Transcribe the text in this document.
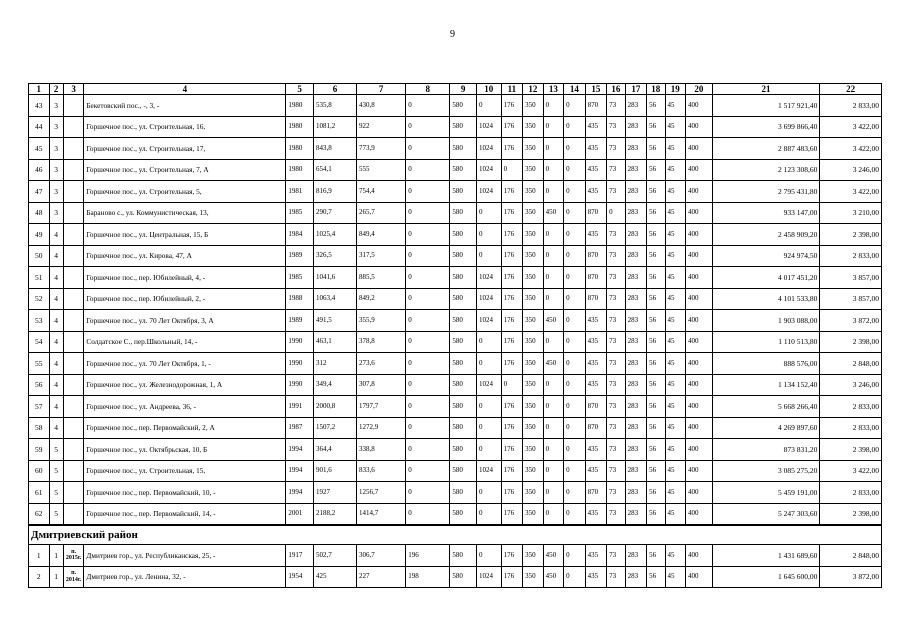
9
1	2	3	4	5	6	7	8	9	10	11	12	13	14	15	16	17	18	19	20	21	22
43	3		Бекетовский пос., -, 3, -	1980	535,8	430,8	0	580	0	176	350	0	0	870	73	283	56	45	400	1 517 921,40	2 833,00
44	3		Горшечное пос., ул. Строительная, 16,	1980	1081,2	922	0	580	1024	176	350	0	0	435	73	283	56	45	400	3 699 866,40	3 422,00
45	3		Горшечное пос., ул. Строительная, 17,	1980	843,8	773,9	0	580	1024	176	350	0	0	435	73	283	56	45	400	2 887 483,60	3 422,00
46	3		Горшечное пос., ул. Строительная, 7, А	1980	654,1	555	0	580	1024	0	350	0	0	435	73	283	56	45	400	2 123 308,60	3 246,00
47	3		Горшечное пос., ул. Строительная, 5,	1981	816,9	754,4	0	580	1024	176	350	0	0	435	73	283	56	45	400	2 795 431,80	3 422,00
48	3		Бараново с., ул. Коммунистическая, 13,	1985	290,7	265,7	0	580	0	176	350	450	0	870	0	283	56	45	400	933 147,00	3 210,00
49	4		Горшечное пос., ул. Центральная, 15, Б	1984	1025,4	849,4	0	580	0	176	350	0	0	435	73	283	56	45	400	2 458 909,20	2 398,00
50	4		Горшечное пос., ул. Кирова, 47, А	1989	326,5	317,5	0	580	0	176	350	0	0	870	73	283	56	45	400	924 974,50	2 833,00
51	4		Горшечное пос., пер. Юбилейный, 4, -	1985	1041,6	885,5	0	580	1024	176	350	0	0	870	73	283	56	45	400	4 017 451,20	3 857,00
52	4		Горшечное пос., пер. Юбилейный, 2, -	1988	1063,4	849,2	0	580	1024	176	350	0	0	870	73	283	56	45	400	4 101 533,80	3 857,00
53	4		Горшечное пос., ул. 70 Лет Октября, 3, А	1989	491,5	355,9	0	580	1024	176	350	450	0	435	73	283	56	45	400	1 903 088,00	3 872,00
54	4		Солдатское С., пер.Школьный, 14, -	1990	463,1	378,8	0	580	0	176	350	0	0	435	73	283	56	45	400	1 110 513,80	2 398,00
55	4		Горшечное пос., ул. 70 Лет Октября, 1, -	1990	312	273,6	0	580	0	176	350	450	0	435	73	283	56	45	400	888 576,00	2 848,00
56	4		Горшечное пос., ул. Железнодорожная, 1, А	1990	349,4	307,8	0	580	1024	0	350	0	0	435	73	283	56	45	400	1 134 152,40	3 246,00
57	4		Горшечное пос., ул. Андреева, 36, -	1991	2000,8	1797,7	0	580	0	176	350	0	0	870	73	283	56	45	400	5 668 266,40	2 833,00
58	4		Горшечное пос., пер. Первомайский, 2, А	1987	1507,2	1272,9	0	580	0	176	350	0	0	870	73	283	56	45	400	4 269 897,60	2 833,00
59	5		Горшечное пос., ул. Октябрьская, 10, Б	1994	364,4	338,8	0	580	0	176	350	0	0	435	73	283	56	45	400	873 831,20	2 398,00
60	5		Горшечное пос., ул. Строительная, 15,	1994	901,6	833,6	0	580	1024	176	350	0	0	435	73	283	56	45	400	3 085 275,20	3 422,00
61	5		Горшечное пос., пер. Первомайский, 10, -	1994	1927	1256,7	0	580	0	176	350	0	0	870	73	283	56	45	400	5 459 191,00	2 833,00
62	5		Горшечное пос., пер. Первомайский, 14, -	2001	2188,2	1414,7	0	580	0	176	350	0	0	435	73	283	56	45	400	5 247 303,60	2 398,00
Дмитриевский район																					
1	1	п. 2015г.	Дмитриев гор., ул. Республиканская, 25, -	1917	502,7	306,7	196	580	0	176	350	450	0	435	73	283	56	45	400	1 431 689,60	2 848,00
2	1	п. 2014г.	Дмитриев гор., ул. Ленина, 32, -	1954	425	227	198	580	1024	176	350	450	0	435	73	283	56	45	400	1 645 600,00	3 872,00
